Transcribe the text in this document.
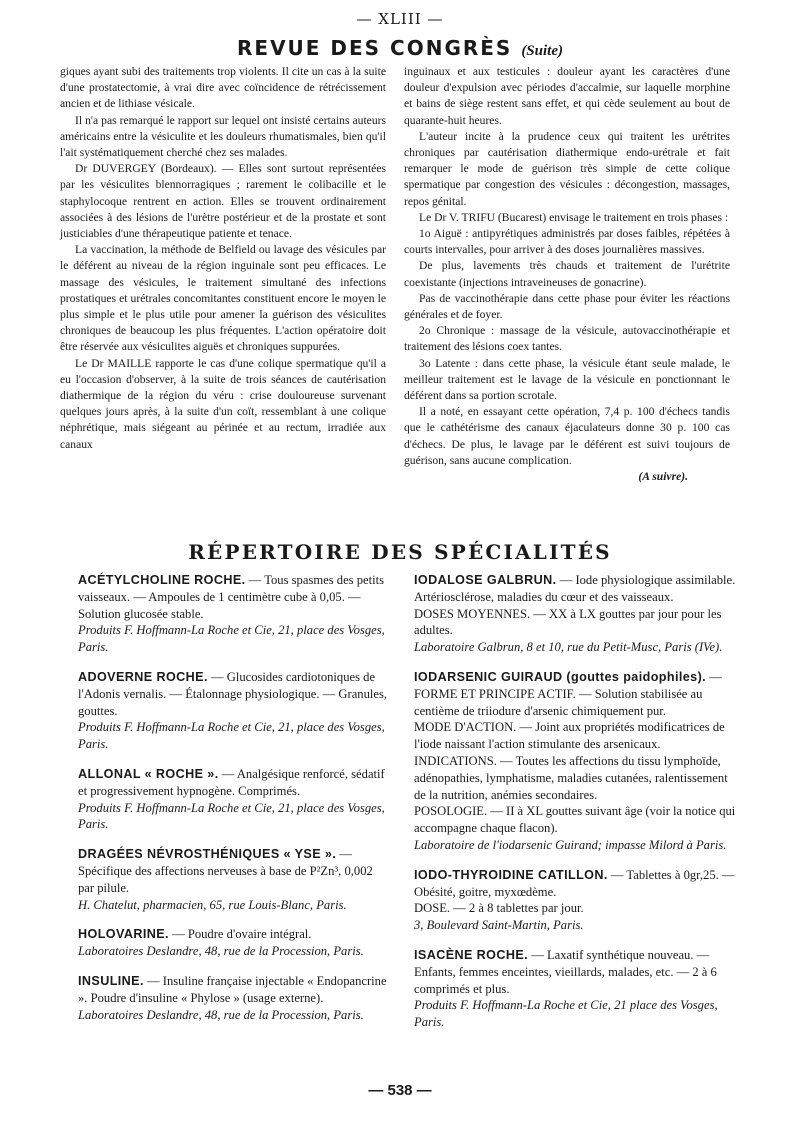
— XLIII —
REVUE DES CONGRÈS (Suite)

giques ayant subi des traitements trop violents. Il cite un cas à la suite d'une prostatectomie, à vrai dire avec coïncidence de rétrécissement ancien et de lithiase vésicale.

Il n'a pas remarqué le rapport sur lequel ont insisté certains auteurs américains entre la vésiculite et les douleurs rhumatismales, bien qu'il l'ait systématiquement cherché chez ses malades.

Dr DUVERGEY (Bordeaux). — Elles sont surtout représentées par les vésiculites blennorragiques ; rarement le colibacille et le staphylocoque rentrent en action. Elles se trouvent ordinairement associées à des lésions de l'urètre postérieur et de la prostate et sont justiciables d'une thérapeutique patiente et tenace.

La vaccination, la méthode de Belfield ou lavage des vésicules par le déférent au niveau de la région inguinale sont peu efficaces. Le massage des vésicules, le traitement simultané des infections prostatiques et urétrales concomitantes constituent encore le moyen le plus simple et le plus utile pour amener la guérison des vésiculites chroniques de beaucoup les plus fréquentes. L'action opératoire doit être réservée aux vésiculites aiguës et chroniques suppurées.

Le Dr MAILLE rapporte le cas d'une colique spermatique qu'il a eu l'occasion d'observer, à la suite de trois séances de cautérisation diathermique de la région du véru : crise douloureuse survenant quelques jours après, à la suite d'un coït, ressemblant à une colique néphrétique, mais siégeant au périnée et au rectum, irradiée aux canaux

inguinaux et aux testicules : douleur ayant les caractères d'une douleur d'expulsion avec périodes d'accalmie, sur laquelle morphine et bains de siège restent sans effet, et qui cède seulement au bout de quarante-huit heures.

L'auteur incite à la prudence ceux qui traitent les urétrites chroniques par cautérisation diathermique endo-urétrale et fait remarquer le mode de guérison très simple de cette colique spermatique par congestion des vésicules : décongestion, massages, repos génital.

Le Dr V. TRIFU (Bucarest) envisage le traitement en trois phases :

1o Aiguë : antipyrétiques administrés par doses faibles, répétées à courts intervalles, pour arriver à des doses journalières massives.

De plus, lavements très chauds et traitement de l'urétrite coexistante (injections intraveineuses de gonacrine).

Pas de vaccinothérapie dans cette phase pour éviter les réactions générales et de foyer.

2o Chronique : massage de la vésicule, autovaccinothérapie et traitement des lésions coex tantes.

3o Latente : dans cette phase, la vésicule étant seule malade, le meilleur traitement est le lavage de la vésicule en ponctionnant le déférent dans sa portion scrotale.

Il a noté, en essayant cette opération, 7,4 p. 100 d'échecs tandis que le cathétérisme des canaux éjaculateurs donne 30 p. 100 cas d'échecs. De plus, le lavage par le déférent est suivi toujours de guérison, sans aucune complication.

(A suivre).

RÉPERTOIRE DES SPÉCIALITÉS
ACÉTYLCHOLINE ROCHE. — Tous spasmes des petits vaisseaux. — Ampoules de 1 centimètre cube à 0,05. — Solution glucosée stable.
Produits F. Hoffmann-La Roche et Cie, 21, place des Vosges, Paris.
ADOVERNE ROCHE. — Glucosides cardiotoniques de l'Adonis vernalis. — Étalonnage physiologique. — Granules, gouttes.
Produits F. Hoffmann-La Roche et Cie, 21, place des Vosges, Paris.
ALLONAL « ROCHE ». — Analgésique renforcé, sédatif et progressivement hypnogène. Comprimés.
Produits F. Hoffmann-La Roche et Cie, 21, place des Vosges, Paris.
DRAGÉES NÉVROSTHÉNIQUES « YSE ». — Spécifique des affections nerveuses à base de P²Zn³, 0,002 par pilule.
H. Chatelut, pharmacien, 65, rue Louis-Blanc, Paris.
HOLOVARINE. — Poudre d'ovaire intégral.
Laboratoires Deslandre, 48, rue de la Procession, Paris.
INSULINE. — Insuline française injectable « Endopancrine ». Poudre d'insuline « Phylose » (usage externe).
Laboratoires Deslandre, 48, rue de la Procession, Paris.
IODALOSE GALBRUN. — Iode physiologique assimilable. Artériosclérose, maladies du cœur et des vaisseaux.
DOSES MOYENNES. — XX à LX gouttes par jour pour les adultes.
Laboratoire Galbrun, 8 et 10, rue du Petit-Musc, Paris (IVe).
IODARSENIC GUIRAUD (gouttes paidophiles). —
FORME ET PRINCIPE ACTIF. — Solution stabilisée au centième de triiodure d'arsenic chimiquement pur.
MODE D'ACTION. — Joint aux propriétés modificatrices de l'iode naissant l'action stimulante des arsenicaux.
INDICATIONS. — Toutes les affections du tissu lymphoïde, adénopathies, lymphatisme, maladies cutanées, ralentissement de la nutrition, anémies secondaires.
POSOLOGIE. — II à XL gouttes suivant âge (voir la notice qui accompagne chaque flacon).
Laboratoire de l'iodarsenic Guirand; impasse Milord à Paris.
IODO-THYROIDINE CATILLON. — Tablettes à 0gr,25. — Obésité, goitre, myxœdème.
DOSE. — 2 à 8 tablettes par jour.
3, Boulevard Saint-Martin, Paris.
ISACÈNE ROCHE. — Laxatif synthétique nouveau. — Enfants, femmes enceintes, vieillards, malades, etc. — 2 à 6 comprimés et plus.
Produits F. Hoffmann-La Roche et Cie, 21 place des Vosges, Paris.
— 538 —
